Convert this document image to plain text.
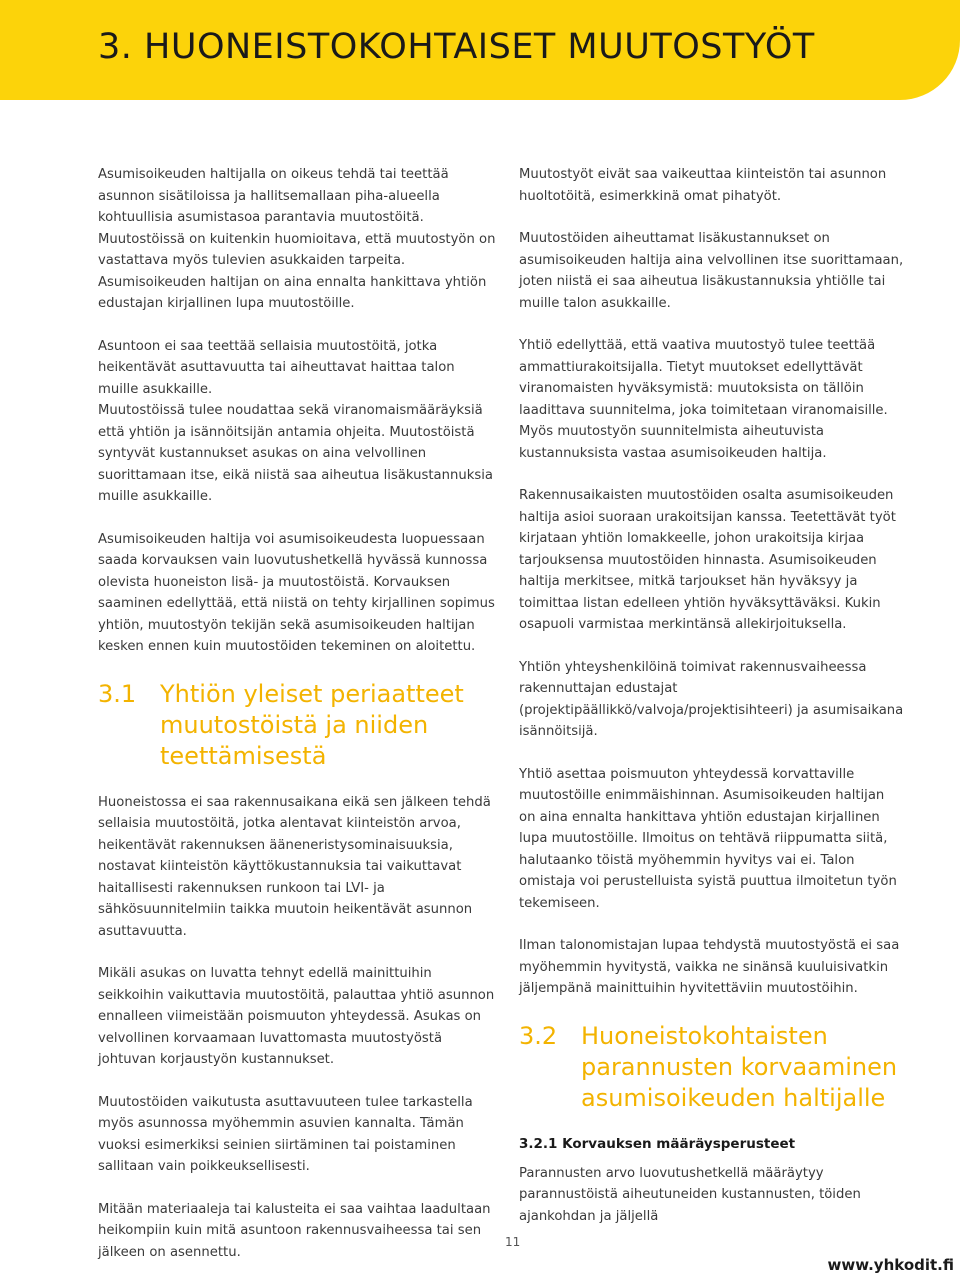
3. HUONEISTOKOHTAISET MUUTOSTYÖT

Asumisoikeuden haltijalla on oikeus tehdä tai teettää asunnon sisätiloissa ja hallitsemallaan piha-alueella kohtuullisia asumistasoa parantavia muutostöitä. Muutostöissä on kuitenkin huomioitava, että muutostyön on vastattava myös tulevien asukkaiden tarpeita. Asumisoikeuden haltijan on aina ennalta hankittava yhtiön edustajan kirjallinen lupa muutostöille.

Asuntoon ei saa teettää sellaisia muutostöitä, jotka heikentävät asuttavuutta tai aiheuttavat haittaa talon muille asukkaille.

Muutostöissä tulee noudattaa sekä viranomaismääräyksiä että yhtiön ja isännöitsijän antamia ohjeita. Muutostöistä syntyvät kustannukset asukas on aina velvollinen suorittamaan itse, eikä niistä saa aiheutua lisäkustannuksia muille asukkaille.

Asumisoikeuden haltija voi asumisoikeudesta luopuessaan saada korvauksen vain luovutushetkellä hyvässä kunnossa olevista huoneiston lisä- ja muutostöistä. Korvauksen saaminen edellyttää, että niistä on tehty kirjallinen sopimus yhtiön, muutostyön tekijän sekä asumisoikeuden haltijan kesken ennen kuin muutostöiden tekeminen on aloitettu.

3.1 Yhtiön yleiset periaatteet muutostöistä ja niiden teettämisestä

Huoneistossa ei saa rakennusaikana eikä sen jälkeen tehdä sellaisia muutostöitä, jotka alentavat kiinteistön arvoa, heikentävät rakennuksen ääneneristysominaisuuksia, nostavat kiinteistön käyttökustannuksia tai vaikuttavat haitallisesti rakennuksen runkoon tai LVI- ja sähkösuunnitelmiin taikka muutoin heikentävät asunnon asuttavuutta.

Mikäli asukas on luvatta tehnyt edellä mainittuihin seikkoihin vaikuttavia muutostöitä, palauttaa yhtiö asunnon ennalleen viimeistään poismuuton yhteydessä. Asukas on velvollinen korvaamaan luvattomasta muutostyöstä johtuvan korjaustyön kustannukset.

Muutostöiden vaikutusta asuttavuuteen tulee tarkastella myös asunnossa myöhemmin asuvien kannalta. Tämän vuoksi esimerkiksi seinien siirtäminen tai poistaminen sallitaan vain poikkeuksellisesti.

Mitään materiaaleja tai kalusteita ei saa vaihtaa laadultaan heikompiin kuin mitä asuntoon rakennusvaiheessa tai sen jälkeen on asennettu.

Muutostyöt eivät saa vaikeuttaa kiinteistön tai asunnon huoltotöitä, esimerkkinä omat pihatyöt.

Muutostöiden aiheuttamat lisäkustannukset on asumisoikeuden haltija aina velvollinen itse suorittamaan, joten niistä ei saa aiheutua lisäkustannuksia yhtiölle tai muille talon asukkaille.

Yhtiö edellyttää, että vaativa muutostyö tulee teettää ammattiurakoitsijalla. Tietyt muutokset edellyttävät viranomaisten hyväksymistä: muutoksista on tällöin laadittava suunnitelma, joka toimitetaan viranomaisille.

Myös muutostyön suunnitelmista aiheutuvista kustannuksista vastaa asumisoikeuden haltija.

Rakennusaikaisten muutostöiden osalta asumisoikeuden haltija asioi suoraan urakoitsijan kanssa. Teetettävät työt kirjataan yhtiön lomakkeelle, johon urakoitsija kirjaa tarjouksensa muutostöiden hinnasta. Asumisoikeuden haltija merkitsee, mitkä tarjoukset hän hyväksyy ja toimittaa listan edelleen yhtiön hyväksyttäväksi. Kukin osapuoli varmistaa merkintänsä allekirjoituksella.

Yhtiön yhteyshenkilöinä toimivat rakennusvaiheessa rakennuttajan edustajat (projektipäällikkö/valvoja/projektisihteeri) ja asumisaikana isännöitsijä.

Yhtiö asettaa poismuuton yhteydessä korvattaville muutostöille enimmäishinnan. Asumisoikeuden haltijan on aina ennalta hankittava yhtiön edustajan kirjallinen lupa muutostöille. Ilmoitus on tehtävä riippumatta siitä, halutaanko töistä myöhemmin hyvitys vai ei. Talon omistaja voi perustelluista syistä puuttua ilmoitetun työn tekemiseen.

Ilman talonomistajan lupaa tehdystä muutostyöstä ei saa myöhemmin hyvitystä, vaikka ne sinänsä kuuluisivatkin jäljempänä mainittuihin hyvitettäviin muutostöihin.

3.2 Huoneistokohtaisten parannusten korvaaminen asumisoikeuden haltijalle
3.2.1 Korvauksen määräysperusteet

Parannusten arvo luovutushetkellä määräytyy parannustöistä aiheutuneiden kustannusten, töiden ajankohdan ja jäljellä

11
www.yhkodit.fi
